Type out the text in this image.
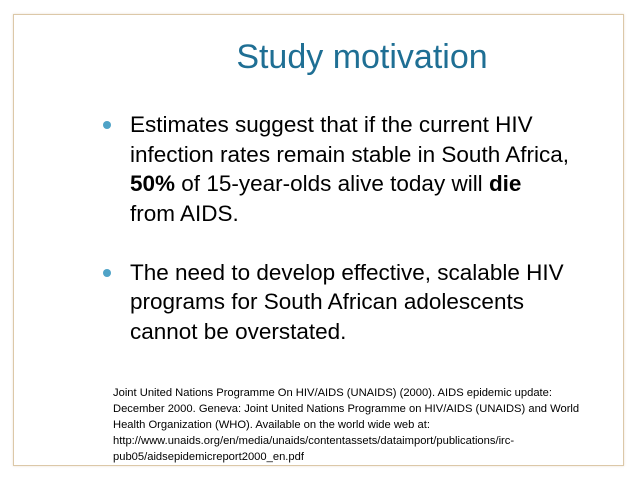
Study motivation
Estimates suggest that if the current HIV
infection rates remain stable in South Africa,
50% of 15-year-olds alive today will die
from AIDS.
The need to develop effective, scalable HIV
programs for South African adolescents
cannot be overstated.
Joint United Nations Programme On HIV/AIDS (UNAIDS) (2000). AIDS epidemic update:
December 2000. Geneva: Joint United Nations Programme on HIV/AIDS (UNAIDS) and World
Health Organization (WHO). Available on the world wide web at:
http://www.unaids.org/en/media/unaids/contentassets/dataimport/publications/irc-
pub05/aidsepidemicreport2000_en.pdf
